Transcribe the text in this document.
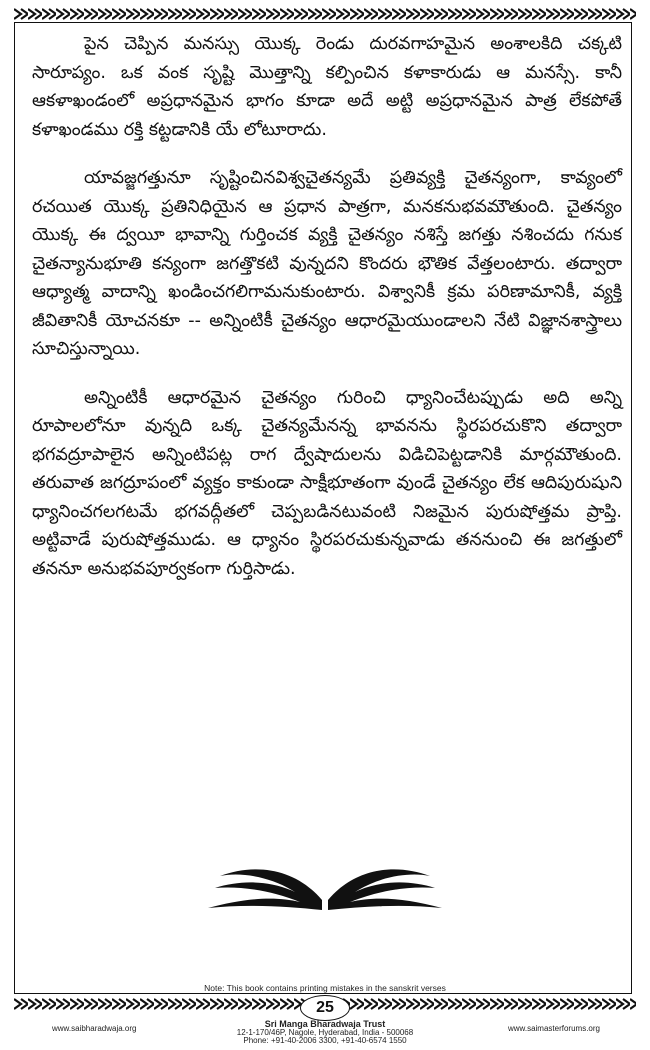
పైన చెప్పిన మనస్సు యొక్క రెండు దురవగాహమైన అంశాలకిది చక్కటి సారూప్యం. ఒక వంక సృష్టి మొత్తాన్ని కల్పించిన కళాకారుడు ఆ మనస్సే. కానీ ఆకళాఖండంలో అప్రధానమైన భాగం కూడా అదే అట్టి అప్రధానమైన పాత్ర లేకపోతే కళాఖండము రక్తి కట్టడానికి యే లోటూరాదు.

యావజ్జగత్తునూ సృష్టించినవిశ్వచైతన్యమే ప్రతివ్యక్తి చైతన్యంగా, కావ్యంలో రచయిత యొక్క ప్రతినిధియైన ఆ ప్రధాన పాత్రగా, మనకనుభవమౌతుంది. చైతన్యం యొక్క ఈ ద్వయీ భావాన్ని గుర్తించక వ్యక్తి చైతన్యం నశిస్తే జగత్తు నశించదు గనుక చైతన్యానుభూతి కన్యంగా జగత్తొకటి వున్నదని కొందరు భౌతిక వేత్తలంటారు. తద్వారా ఆధ్యాత్మ వాదాన్ని ఖండించగలిగామనుకుంటారు. విశ్వానికీ క్రమ పరిణామానికీ, వ్యక్తి జీవితానికీ యోచనకూ -- అన్నింటికీ చైతన్యం ఆధారమైయుండాలని నేటి విజ్ఞానశాస్త్రాలు సూచిస్తున్నాయి.

అన్నింటికీ ఆధారమైన చైతన్యం గురించి ధ్యానించేటప్పుడు అది అన్ని రూపాలలోనూ వున్నది ఒక్క చైతన్యమేనన్న భావనను స్థిరపరచుకొని తద్వారా భగవద్రూపాలైన అన్నింటిపట్ల రాగ ద్వేషాదులను విడిచిపెట్టడానికి మార్గమౌతుంది. తరువాత జగద్రూపంలో వ్యక్తం కాకుండా సాక్షీభూతంగా వుండే చైతన్యం లేక ఆదిపురుషుని ధ్యానించగలగటమే భగవద్గీతలో చెప్పబడినటువంటి నిజమైన పురుషోత్తమ ప్రాప్తి. అట్టివాడే పురుషోత్తముడు. ఆ ధ్యానం స్థిరపరచుకున్నవాడు తననుంచి ఈ జగత్తులో తననూ అనుభవపూర్వకంగా గుర్తిసాడు.

Note: This book contains printing mistakes in the sanskrit verses
25
www.saibharadwaja.org	Sri Manga Bharadwaja Trust
12-1-170/46P, Nagole, Hyderabad, India - 500068
Phone: +91-40-2006 3300, +91-40-6574 1550
www.saimasterforums.org
